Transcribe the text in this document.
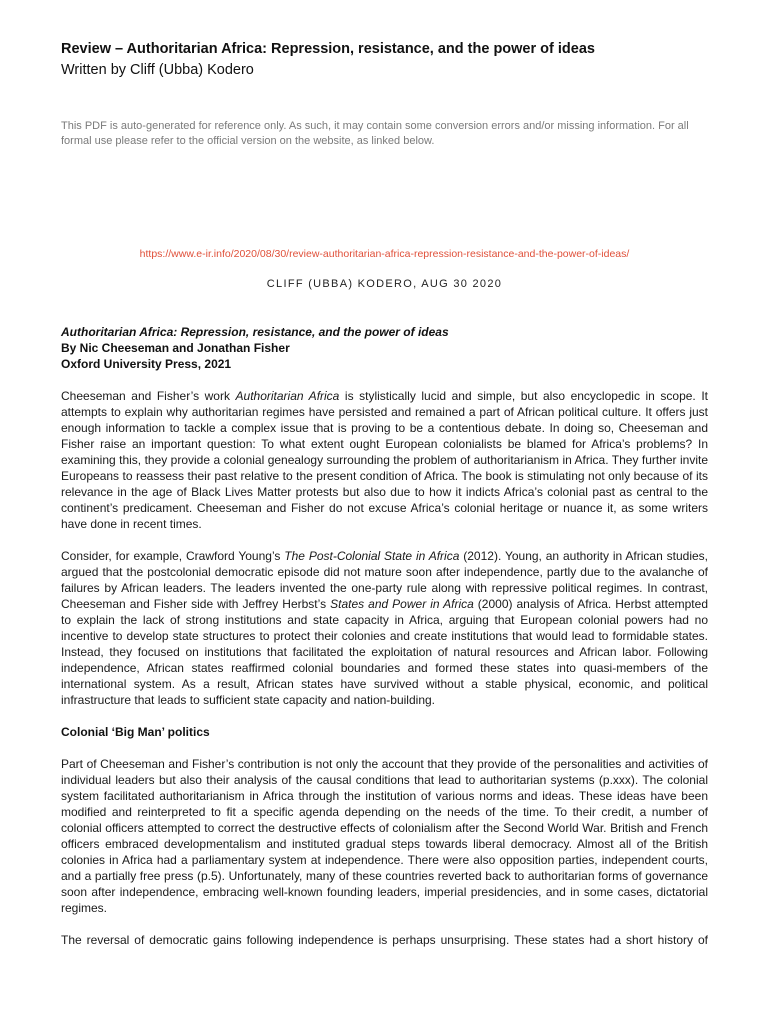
Review – Authoritarian Africa: Repression, resistance, and the power of ideas

Written by Cliff (Ubba) Kodero

This PDF is auto-generated for reference only. As such, it may contain some conversion errors and/or missing information. For all formal use please refer to the official version on the website, as linked below.
https://www.e-ir.info/2020/08/30/review-authoritarian-africa-repression-resistance-and-the-power-of-ideas/
CLIFF (UBBA) KODERO, AUG 30 2020
Authoritarian Africa: Repression, resistance, and the power of ideas
By Nic Cheeseman and Jonathan Fisher
Oxford University Press, 2021
Cheeseman and Fisher’s work Authoritarian Africa is stylistically lucid and simple, but also encyclopedic in scope. It attempts to explain why authoritarian regimes have persisted and remained a part of African political culture. It offers just enough information to tackle a complex issue that is proving to be a contentious debate. In doing so, Cheeseman and Fisher raise an important question: To what extent ought European colonialists be blamed for Africa’s problems? In examining this, they provide a colonial genealogy surrounding the problem of authoritarianism in Africa. They further invite Europeans to reassess their past relative to the present condition of Africa. The book is stimulating not only because of its relevance in the age of Black Lives Matter protests but also due to how it indicts Africa’s colonial past as central to the continent’s predicament. Cheeseman and Fisher do not excuse Africa’s colonial heritage or nuance it, as some writers have done in recent times.
Consider, for example, Crawford Young’s The Post-Colonial State in Africa (2012). Young, an authority in African studies, argued that the postcolonial democratic episode did not mature soon after independence, partly due to the avalanche of failures by African leaders. The leaders invented the one-party rule along with repressive political regimes. In contrast, Cheeseman and Fisher side with Jeffrey Herbst’s States and Power in Africa (2000) analysis of Africa. Herbst attempted to explain the lack of strong institutions and state capacity in Africa, arguing that European colonial powers had no incentive to develop state structures to protect their colonies and create institutions that would lead to formidable states. Instead, they focused on institutions that facilitated the exploitation of natural resources and African labor. Following independence, African states reaffirmed colonial boundaries and formed these states into quasi-members of the international system. As a result, African states have survived without a stable physical, economic, and political infrastructure that leads to sufficient state capacity and nation-building.
Colonial ‘Big Man’ politics
Part of Cheeseman and Fisher’s contribution is not only the account that they provide of the personalities and activities of individual leaders but also their analysis of the causal conditions that lead to authoritarian systems (p.xxx). The colonial system facilitated authoritarianism in Africa through the institution of various norms and ideas. These ideas have been modified and reinterpreted to fit a specific agenda depending on the needs of the time. To their credit, a number of colonial officers attempted to correct the destructive effects of colonialism after the Second World War. British and French officers embraced developmentalism and instituted gradual steps towards liberal democracy. Almost all of the British colonies in Africa had a parliamentary system at independence. There were also opposition parties, independent courts, and a partially free press (p.5). Unfortunately, many of these countries reverted back to authoritarian forms of governance soon after independence, embracing well-known founding leaders, imperial presidencies, and in some cases, dictatorial regimes.
The reversal of democratic gains following independence is perhaps unsurprising. These states had a short history of
